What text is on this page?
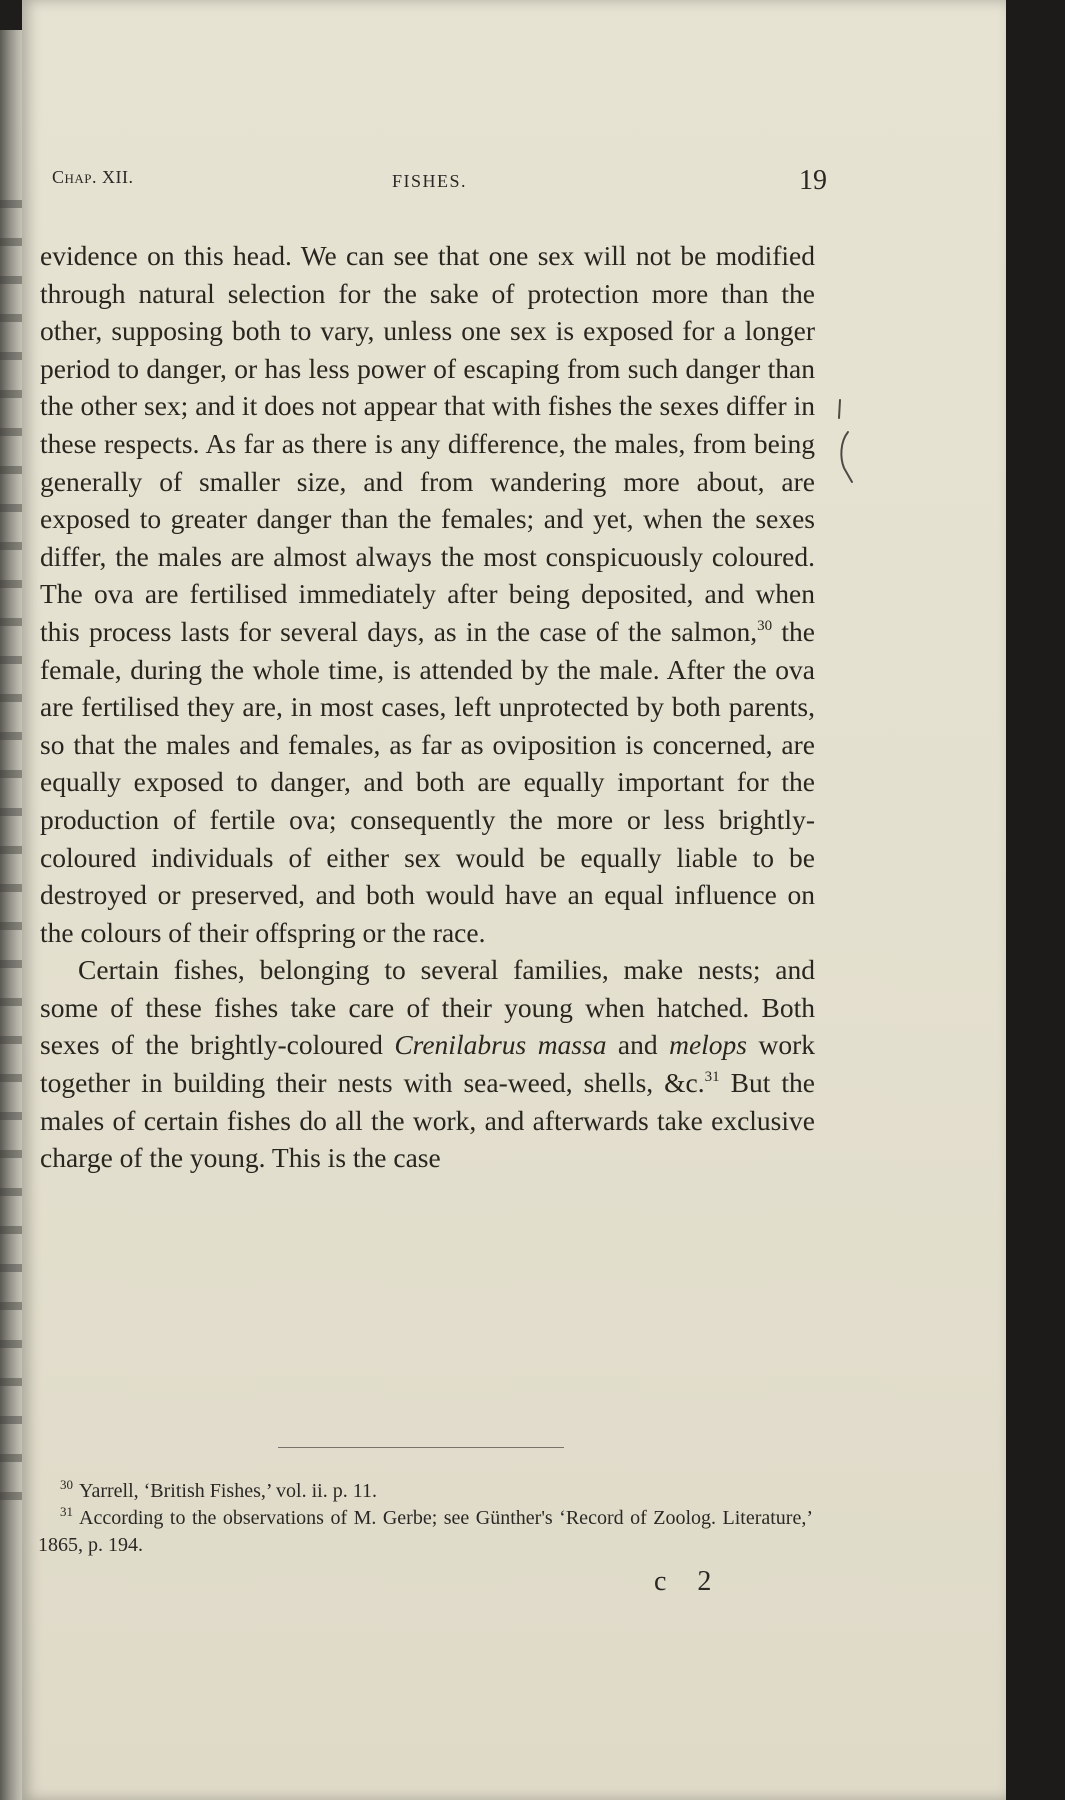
Chap. XII.	FISHES.	19

evidence on this head. We can see that one sex will not be modified through natural selection for the sake of protection more than the other, supposing both to vary, unless one sex is exposed for a longer period to danger, or has less power of escaping from such danger than the other sex; and it does not appear that with fishes the sexes differ in these respects. As far as there is any difference, the males, from being generally of smaller size, and from wandering more about, are exposed to greater danger than the females; and yet, when the sexes differ, the males are almost always the most conspicuously coloured. The ova are fertilised immediately after being deposited, and when this process lasts for several days, as in the case of the salmon,$^{30}$ the female, during the whole time, is attended by the male. After the ova are fertilised they are, in most cases, left unprotected by both parents, so that the males and females, as far as oviposition is concerned, are equally exposed to danger, and both are equally important for the production of fertile ova; consequently the more or less brightly-coloured individuals of either sex would be equally liable to be destroyed or preserved, and both would have an equal influence on the colours of their offspring or the race.

Certain fishes, belonging to several families, make nests; and some of these fishes take care of their young when hatched. Both sexes of the brightly-coloured Crenilabrus massa and melops work together in building their nests with sea-weed, shells, &c.$^{31}$ But the males of certain fishes do all the work, and afterwards take exclusive charge of the young. This is the case

$^{30}$ Yarrell, ‘British Fishes,’ vol. ii. p. 11.

$^{31}$ According to the observations of M. Gerbe; see Günther's ‘Record of Zoolog. Literature,’ 1865, p. 194.

c 2
